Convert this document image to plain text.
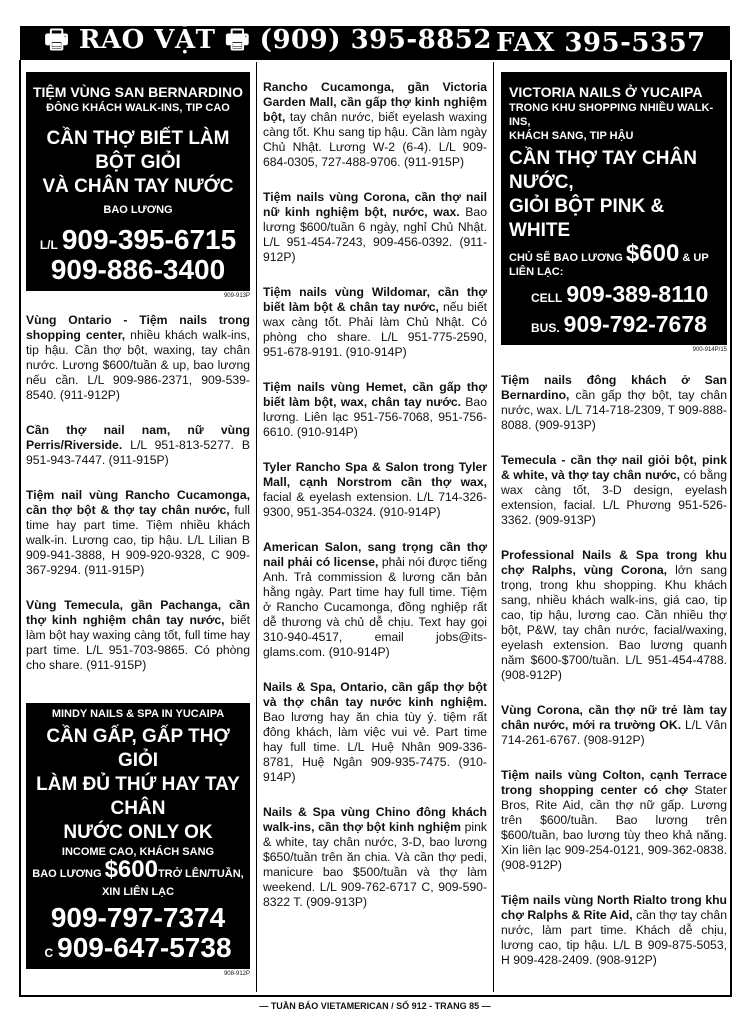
🖶 RAO VẶT 🖶 (909) 395-8852 FAX 395-5357
TIỆM VÙNG SAN BERNARDINO
ĐÔNG KHÁCH WALK-INS, TIP CAO
CẦN THỢ BIẾT LÀM BỘT GIỎI
VÀ CHÂN TAY NƯỚC
BAO LƯƠNG
L/L 909-395-6715
909-886-3400
909-913P

Vùng Ontario - Tiệm nails trong shopping center, nhiều khách walk-ins, tip hậu. Cần thợ bột, waxing, tay chân nước. Lương $600/tuần & up, bao lương nếu cần. L/L 909-986-2371, 909-539-8540. (911-912P)

Cần thợ nail nam, nữ vùng Perris/Riverside. L/L 951-813-5277. B 951-943-7447. (911-915P)

Tiệm nail vùng Rancho Cucamonga, cần thợ bột & thợ tay chân nước, full time hay part time. Tiệm nhiều khách walk-in. Lương cao, tip hậu. L/L Lilian B 909-941-3888, H 909-920-9328, C 909-367-9294. (911-915P)

Vùng Temecula, gần Pachanga, cần thợ kinh nghiệm chân tay nước, biết làm bột hay waxing càng tốt, full time hay part time. L/L 951-703-9865. Có phòng cho share. (911-915P)

MINDY NAILS & SPA IN YUCAIPA
CẦN GẤP, GẤP THỢ GIỎI
LÀM ĐỦ THỨ HAY TAY CHÂN
NƯỚC ONLY OK
INCOME CAO, KHÁCH SANG
BAO LƯƠNG $600TRỞ LÊN/TUẦN,
XIN LIÊN LẠC
909-797-7374
C 909-647-5738
908-912P

Rancho Cucamonga, gần Victoria Garden Mall, cần gấp thợ kinh nghiệm bột, tay chân nước, biết eyelash waxing càng tốt. Khu sang tip hậu. Cần làm ngày Chủ Nhật. Lương W-2 (6-4). L/L 909-684-0305, 727-488-9706. (911-915P)

Tiệm nails vùng Corona, cần thợ nail nữ kinh nghiệm bột, nước, wax. Bao lương $600/tuần 6 ngày, nghỉ Chủ Nhật. L/L 951-454-7243, 909-456-0392. (911-912P)

Tiệm nails vùng Wildomar, cần thợ biết làm bột & chân tay nước, nếu biết wax càng tốt. Phải làm Chủ Nhật. Có phòng cho share. L/L 951-775-2590, 951-678-9191. (910-914P)

Tiệm nails vùng Hemet, cần gấp thợ biết làm bột, wax, chân tay nước. Bao lương. Liên lạc 951-756-7068, 951-756-6610. (910-914P)

Tyler Rancho Spa & Salon trong Tyler Mall, cạnh Norstrom cần thợ wax, facial & eyelash extension. L/L 714-326-9300, 951-354-0324. (910-914P)

American Salon, sang trọng cần thợ nail phải có license, phải nói được tiếng Anh. Trả commission & lương căn bản hằng ngày. Part time hay full time. Tiệm ở Rancho Cucamonga, đồng nghiệp rất dễ thương và chủ dễ chịu. Text hay gọi 310-940-4517, email jobs@its-glams.com. (910-914P)

Nails & Spa, Ontario, cần gấp thợ bột và thợ chân tay nước kinh nghiệm. Bao lương hay ăn chia tùy ý. tiệm rất đông khách, làm việc vui vẻ. Part time hay full time. L/L Huệ Nhân 909-336-8781, Huệ Ngân 909-935-7475. (910-914P)

Nails & Spa vùng Chino đông khách walk-ins, cần thợ bột kinh nghiệm pink & white, tay chân nước, 3-D, bao lương $650/tuần trên ăn chia. Và cần thợ pedi, manicure bao $500/tuần và thợ làm weekend. L/L 909-762-6717 C, 909-590-8322 T. (909-913P)

VICTORIA NAILS Ở YUCAIPA
TRONG KHU SHOPPING NHIỀU WALK-INS,
KHÁCH SANG, TIP HẬU
CẦN THỢ TAY CHÂN NƯỚC,
GIỎI BỘT PINK & WHITE
CHỦ SẼ BAO LƯƠNG $600 & UP
LIÊN LẠC:
CELL 909-389-8110
BUS. 909-792-7678
900-914P/15

Tiệm nails đông khách ở San Bernardino, cần gấp thợ bột, tay chân nước, wax. L/L 714-718-2309, T 909-888-8088. (909-913P)

Temecula - cần thợ nail giỏi bột, pink & white, và thợ tay chân nước, có bằng wax càng tốt, 3-D design, eyelash extension, facial. L/L Phương 951-526-3362. (909-913P)

Professional Nails & Spa trong khu chợ Ralphs, vùng Corona, lớn sang trọng, trong khu shopping. Khu khách sang, nhiều khách walk-ins, giá cao, tip cao, tip hậu, lương cao. Cần nhiều thợ bột, P&W, tay chân nước, facial/waxing, eyelash extension. Bao lương quanh năm $600-$700/tuần. L/L 951-454-4788. (908-912P)

Vùng Corona, cần thợ nữ trẻ làm tay chân nước, mới ra trường OK. L/L Vân 714-261-6767. (908-912P)

Tiệm nails vùng Colton, cạnh Terrace trong shopping center có chợ Stater Bros, Rite Aid, cần thợ nữ gấp. Lương trên $600/tuần. Bao lương trên $600/tuần, bao lương tùy theo khả năng. Xin liên lạc 909-254-0121, 909-362-0838. (908-912P)

Tiệm nails vùng North Rialto trong khu chợ Ralphs & Rite Aid, cần thợ tay chân nước, làm part time. Khách dễ chịu, lương cao, tip hậu. L/L B 909-875-5053, H 909-428-2409. (908-912P)

— TUẦN BÁO VIETAMERICAN / SỐ 912 - TRANG 85 —
